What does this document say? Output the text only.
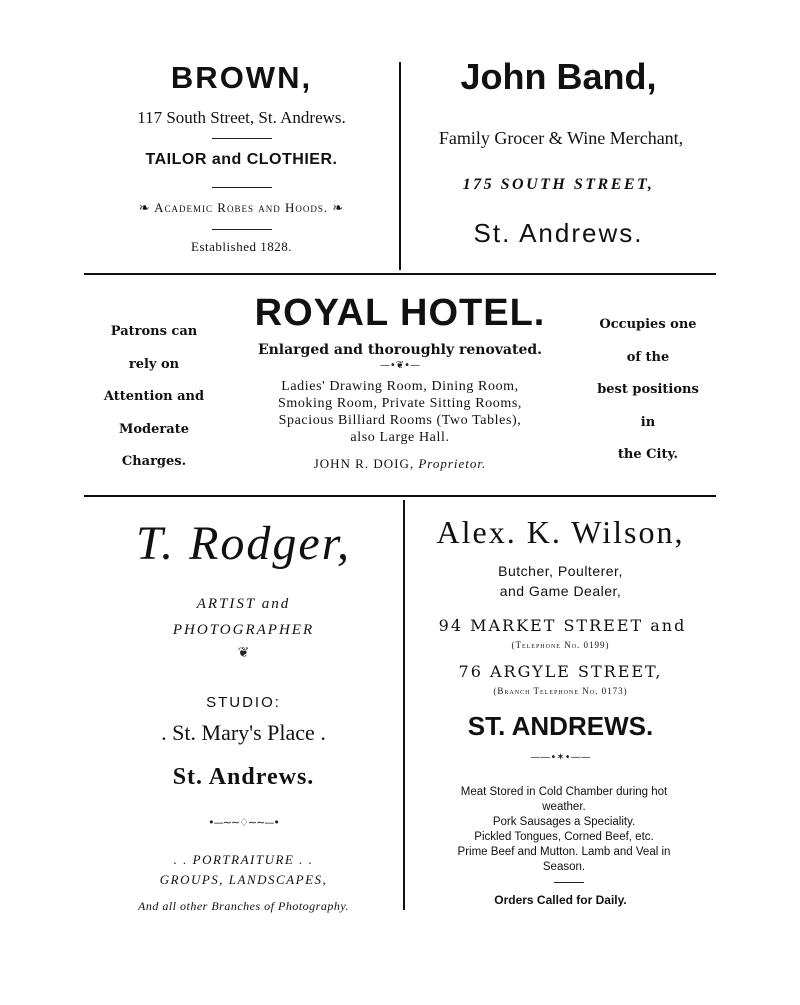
BROWN,
117 South Street, St. Andrews.
TAILOR and CLOTHIER.
❧ Academic Robes and Hoods. ❧
Established 1828.
John Band,
Family Grocer & Wine Merchant,
175 SOUTH STREET,
St. Andrews.
Patrons can
rely on
Attention and
Moderate
Charges.
ROYAL HOTEL.
Enlarged and thoroughly renovated.
—•❦•—
Ladies' Drawing Room, Dining Room,
Smoking Room, Private Sitting Rooms,
Spacious Billiard Rooms (Two Tables),
also Large Hall.
JOHN R. DOIG, Proprietor.
Occupies one
of the
best positions
in
the City.
T. Rodger,
ARTIST and
PHOTOGRAPHER
❦
STUDIO:
. St. Mary's Place .
St. Andrews.
•––∼∼♢∼∼––•
. . PORTRAITURE . .
GROUPS, LANDSCAPES,
And all other Branches of Photography.
Alex. K. Wilson,
Butcher, Poulterer,
and Game Dealer,
94 MARKET STREET and
(Telephone No. 0199)
76 ARGYLE STREET,
(Branch Telephone No. 0173)
ST. ANDREWS.
——•✶•——
Meat Stored in Cold Chamber during hot
weather.
Pork Sausages a Speciality.
Pickled Tongues, Corned Beef, etc.
Prime Beef and Mutton. Lamb and Veal in
Season.
Orders Called for Daily.
